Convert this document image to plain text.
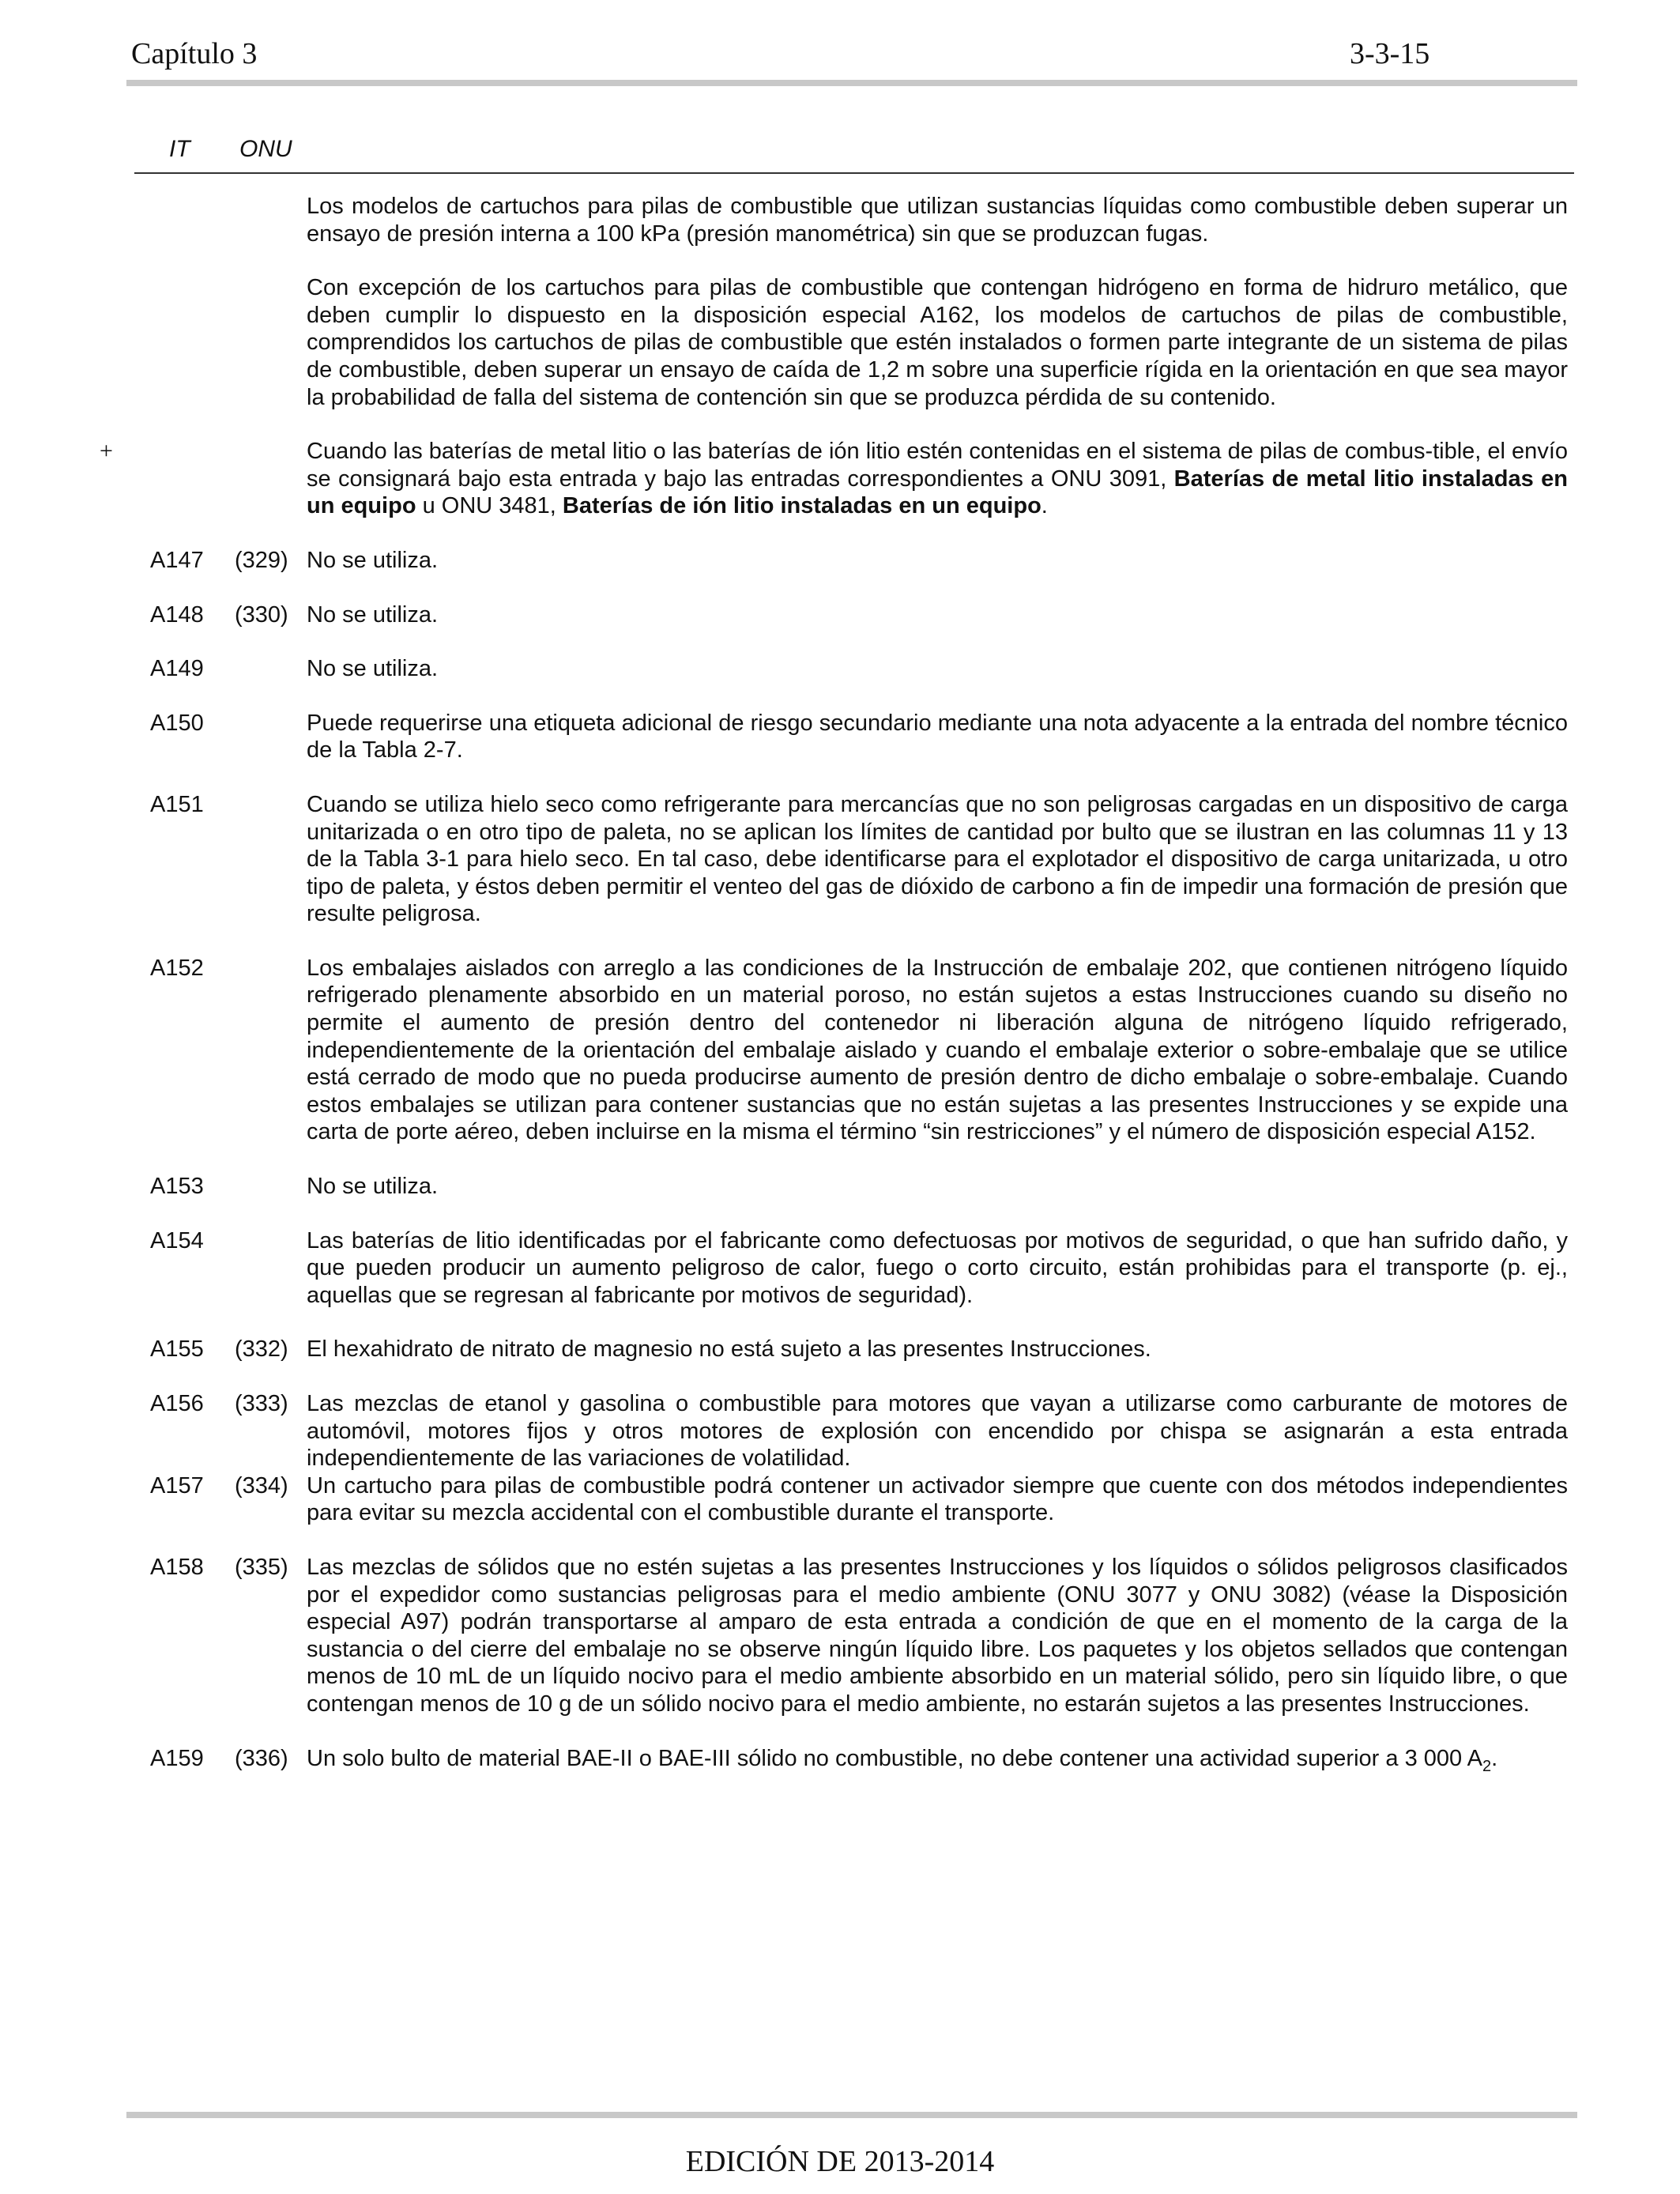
Capítulo 3	3-3-15
IT ONU

Los modelos de cartuchos para pilas de combustible que utilizan sustancias líquidas como combustible deben superar un ensayo de presión interna a 100 kPa (presión manométrica) sin que se produzcan fugas.

Con excepción de los cartuchos para pilas de combustible que contengan hidrógeno en forma de hidruro metálico, que deben cumplir lo dispuesto en la disposición especial A162, los modelos de cartuchos de pilas de combustible, comprendidos los cartuchos de pilas de combustible que estén instalados o formen parte integrante de un sistema de pilas de combustible, deben superar un ensayo de caída de 1,2 m sobre una superficie rígida en la orientación en que sea mayor la probabilidad de falla del sistema de contención sin que se produzca pérdida de su contenido.

+	Cuando las baterías de metal litio o las baterías de ión litio estén contenidas en el sistema de pilas de combus-tible, el envío se consignará bajo esta entrada y bajo las entradas correspondientes a ONU 3091, Baterías de metal litio instaladas en un equipo u ONU 3481, Baterías de ión litio instaladas en un equipo.

A147 (329) No se utiliza.

A148 (330) No se utiliza.

A149	No se utiliza.

A150	Puede requerirse una etiqueta adicional de riesgo secundario mediante una nota adyacente a la entrada del nombre técnico de la Tabla 2-7.

A151	Cuando se utiliza hielo seco como refrigerante para mercancías que no son peligrosas cargadas en un dispositivo de carga unitarizada o en otro tipo de paleta, no se aplican los límites de cantidad por bulto que se ilustran en las columnas 11 y 13 de la Tabla 3-1 para hielo seco. En tal caso, debe identificarse para el explotador el dispositivo de carga unitarizada, u otro tipo de paleta, y éstos deben permitir el venteo del gas de dióxido de carbono a fin de impedir una formación de presión que resulte peligrosa.

A152	Los embalajes aislados con arreglo a las condiciones de la Instrucción de embalaje 202, que contienen nitrógeno líquido refrigerado plenamente absorbido en un material poroso, no están sujetos a estas Instrucciones cuando su diseño no permite el aumento de presión dentro del contenedor ni liberación alguna de nitrógeno líquido refrigerado, independientemente de la orientación del embalaje aislado y cuando el embalaje exterior o sobre-embalaje que se utilice está cerrado de modo que no pueda producirse aumento de presión dentro de dicho embalaje o sobre-embalaje. Cuando estos embalajes se utilizan para contener sustancias que no están sujetas a las presentes Instrucciones y se expide una carta de porte aéreo, deben incluirse en la misma el término “sin restricciones” y el número de disposición especial A152.

A153	No se utiliza.

A154	Las baterías de litio identificadas por el fabricante como defectuosas por motivos de seguridad, o que han sufrido daño, y que pueden producir un aumento peligroso de calor, fuego o corto circuito, están prohibidas para el transporte (p. ej., aquellas que se regresan al fabricante por motivos de seguridad).

A155 (332) El hexahidrato de nitrato de magnesio no está sujeto a las presentes Instrucciones.

A156 (333) Las mezclas de etanol y gasolina o combustible para motores que vayan a utilizarse como carburante de motores de automóvil, motores fijos y otros motores de explosión con encendido por chispa se asignarán a esta entrada independientemente de las variaciones de volatilidad.

A157 (334) Un cartucho para pilas de combustible podrá contener un activador siempre que cuente con dos métodos independientes para evitar su mezcla accidental con el combustible durante el transporte.

A158 (335) Las mezclas de sólidos que no estén sujetas a las presentes Instrucciones y los líquidos o sólidos peligrosos clasificados por el expedidor como sustancias peligrosas para el medio ambiente (ONU 3077 y ONU 3082) (véase la Disposición especial A97) podrán transportarse al amparo de esta entrada a condición de que en el momento de la carga de la sustancia o del cierre del embalaje no se observe ningún líquido libre. Los paquetes y los objetos sellados que contengan menos de 10 mL de un líquido nocivo para el medio ambiente absorbido en un material sólido, pero sin líquido libre, o que contengan menos de 10 g de un sólido nocivo para el medio ambiente, no estarán sujetos a las presentes Instrucciones.

A159 (336) Un solo bulto de material BAE-II o BAE-III sólido no combustible, no debe contener una actividad superior a 3 000 $A_2$.

EDICIÓN DE 2013-2014
